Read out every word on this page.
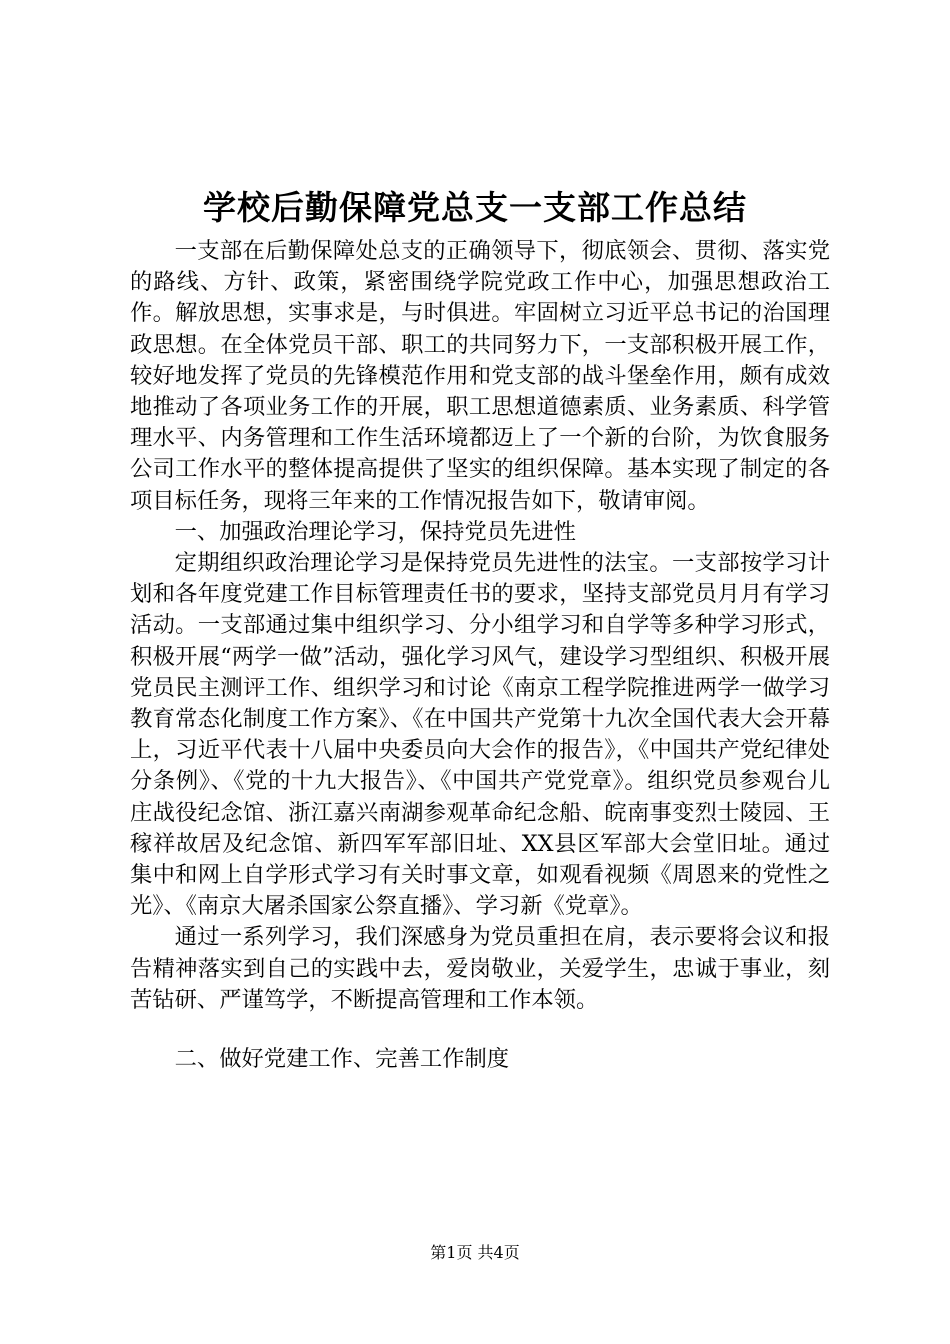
学校后勤保障党总支一支部工作总结

一支部在后勤保障处总支的正确领导下，彻底领会、贯彻、落实党的路线、方针、政策，紧密围绕学院党政工作中心，加强思想政治工作。解放思想，实事求是，与时俱进。牢固树立习近平总书记的治国理政思想。在全体党员干部、职工的共同努力下，一支部积极开展工作，较好地发挥了党员的先锋模范作用和党支部的战斗堡垒作用，颇有成效地推动了各项业务工作的开展，职工思想道德素质、业务素质、科学管理水平、内务管理和工作生活环境都迈上了一个新的台阶，为饮食服务公司工作水平的整体提高提供了坚实的组织保障。基本实现了制定的各项目标任务，现将三年来的工作情况报告如下，敬请审阅。

一、加强政治理论学习，保持党员先进性

定期组织政治理论学习是保持党员先进性的法宝。一支部按学习计划和各年度党建工作目标管理责任书的要求，坚持支部党员月月有学习活动。一支部通过集中组织学习、分小组学习和自学等多种学习形式，积极开展“两学一做”活动，强化学习风气，建设学习型组织、积极开展党员民主测评工作、组织学习和讨论《南京工程学院推进两学一做学习教育常态化制度工作方案》、《在中国共产党第十九次全国代表大会开幕上，习近平代表十八届中央委员向大会作的报告》，《中国共产党纪律处分条例》、《党的十九大报告》、《中国共产党党章》。组织党员参观台儿庄战役纪念馆、浙江嘉兴南湖参观革命纪念船、皖南事变烈士陵园、王稼祥故居及纪念馆、新四军军部旧址、XX县区军部大会堂旧址。通过集中和网上自学形式学习有关时事文章，如观看视频《周恩来的党性之光》、《南京大屠杀国家公祭直播》、学习新《党章》。

通过一系列学习，我们深感身为党员重担在肩，表示要将会议和报告精神落实到自己的实践中去，爱岗敬业，关爱学生，忠诚于事业，刻苦钻研、严谨笃学，不断提高管理和工作本领。

二、做好党建工作、完善工作制度

第1页 共4页
